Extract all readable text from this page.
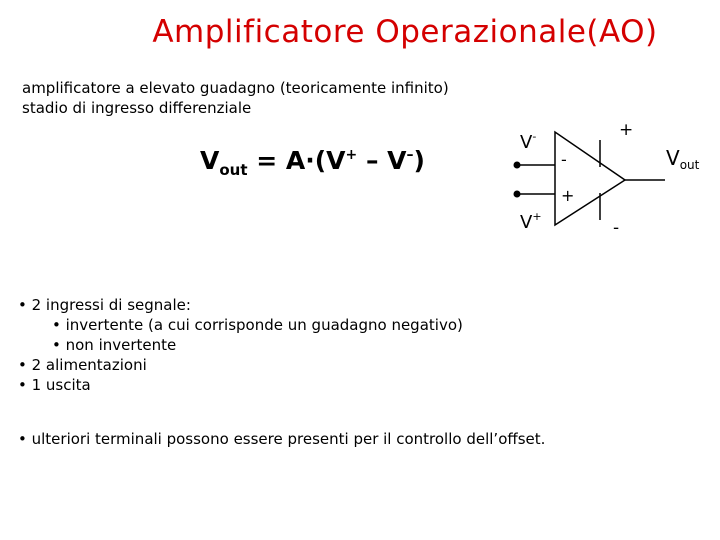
Amplificatore Operazionale(AO)
amplificatore a elevato guadagno (teoricamente infinito)
stadio di ingresso differenziale
$V_{out} = A\cdot(V^+ - V^-)$
V-
V+
$V_{out}$
-
+
+
-
• 2 ingressi di segnale:
• invertente (a cui corrisponde un guadagno negativo)
• non invertente
• 2 alimentazioni
• 1 uscita
• ulteriori terminali possono essere presenti per il controllo dell’offset.
